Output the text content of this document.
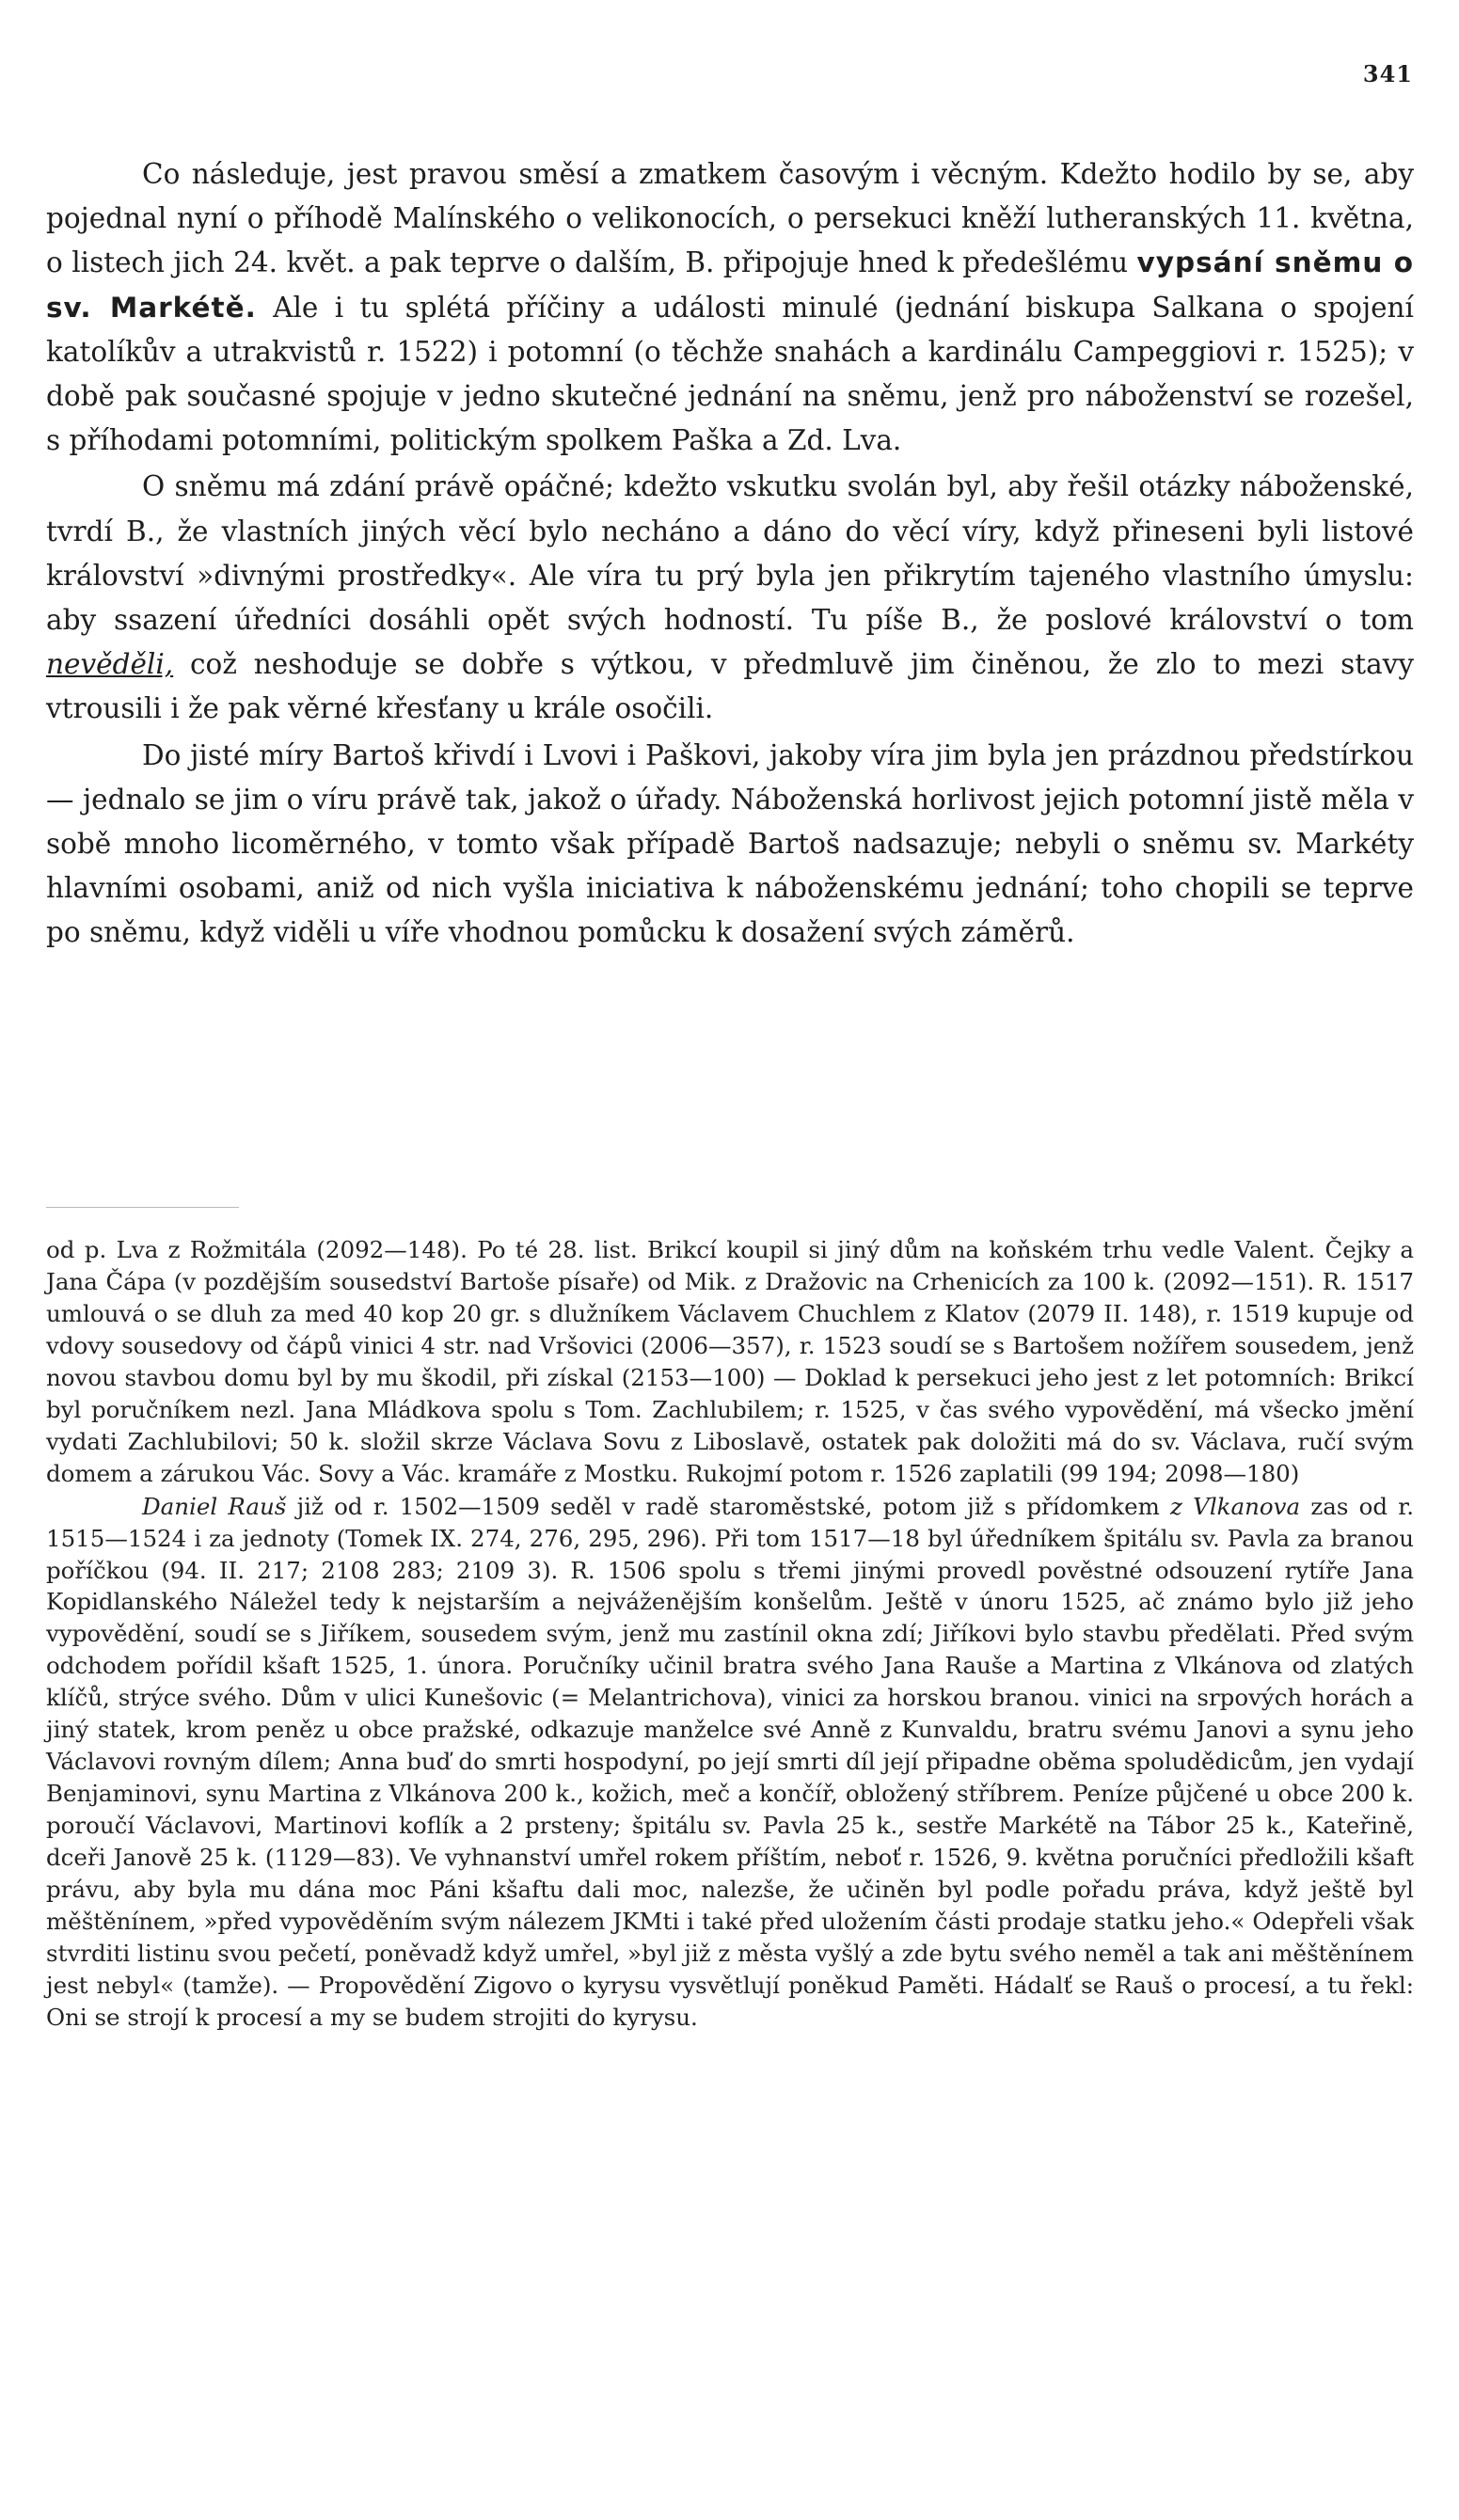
341

Co následuje, jest pravou směsí a zmatkem časovým i věcným. Kdežto hodilo by se, aby pojednal nyní o příhodě Malínského o velikonocích, o persekuci kněží lutheranských 11. května, o listech jich 24. květ. a pak teprve o dalším, B. připojuje hned k předešlému vypsání sněmu o sv. Markétě. Ale i tu splétá příčiny a události minulé (jednání biskupa Salkana o spojení katolíkův a utrakvistů r. 1522) i potomní (o těchže snahách a kardinálu Campeggiovi r. 1525); v době pak současné spojuje v jedno skutečné jednání na sněmu, jenž pro náboženství se rozešel, s příhodami potomními, politickým spolkem Paška a Zd. Lva.

O sněmu má zdání právě opáčné; kdežto vskutku svolán byl, aby řešil otázky náboženské, tvrdí B., že vlastních jiných věcí bylo necháno a dáno do věcí víry, když přineseni byli listové království »divnými prostředky«. Ale víra tu prý byla jen přikrytím tajeného vlastního úmyslu: aby ssazení úředníci dosáhli opět svých hodností. Tu píše B., že poslové království o tom nevěděli, což neshoduje se dobře s výtkou, v předmluvě jim činěnou, že zlo to mezi stavy vtrousili i že pak věrné křesťany u krále osočili.

Do jisté míry Bartoš křivdí i Lvovi i Paškovi, jakoby víra jim byla jen prázdnou předstírkou — jednalo se jim o víru právě tak, jakož o úřady. Náboženská horlivost jejich potomní jistě měla v sobě mnoho licoměrného, v tomto však případě Bartoš nadsazuje; nebyli o sněmu sv. Markéty hlavními osobami, aniž od nich vyšla iniciativa k náboženskému jednání; toho chopili se teprve po sněmu, když viděli u víře vhodnou pomůcku k dosažení svých záměrů.

od p. Lva z Rožmitála (2092—148). Po té 28. list. Brikcí koupil si jiný dům na koňském trhu vedle Valent. Čejky a Jana Čápa (v pozdějším sousedství Bartoše písaře) od Mik. z Dražovic na Crhenicích za 100 k. (2092—151). R. 1517 umlouvá o se dluh za med 40 kop 20 gr. s dlužníkem Václavem Chuchlem z Klatov (2079 II. 148), r. 1519 kupuje od vdovy sousedovy od čápů vinici 4 str. nad Vršovici (2006—357), r. 1523 soudí se s Bartošem nožířem sousedem, jenž novou stavbou domu byl by mu škodil, při získal (2153—100) — Doklad k persekuci jeho jest z let potomních: Brikcí byl poručníkem nezl. Jana Mládkova spolu s Tom. Zachlubilem; r. 1525, v čas svého vypovědění, má všecko jmění vydati Zachlubilovi; 50 k. složil skrze Václava Sovu z Liboslavě, ostatek pak doložiti má do sv. Václava, ručí svým domem a zárukou Vác. Sovy a Vác. kramáře z Mostku. Rukojmí potom r. 1526 zaplatili (99 194; 2098—180)

Daniel Rauš již od r. 1502—1509 seděl v radě staroměstské, potom již s přídomkem z Vlkanova zas od r. 1515—1524 i za jednoty (Tomek IX. 274, 276, 295, 296). Při tom 1517—18 byl úředníkem špitálu sv. Pavla za branou poříčkou (94. II. 217; 2108 283; 2109 3). R. 1506 spolu s třemi jinými provedl pověstné odsouzení rytíře Jana Kopidlanského Náležel tedy k nejstarším a nejváženějším konšelům. Ještě v únoru 1525, ač známo bylo již jeho vypovědění, soudí se s Jiříkem, sousedem svým, jenž mu zastínil okna zdí; Jiříkovi bylo stavbu předělati. Před svým odchodem pořídil kšaft 1525, 1. února. Poručníky učinil bratra svého Jana Rauše a Martina z Vlkánova od zlatých klíčů, strýce svého. Dům v ulici Kunešovic (= Melantrichova), vinici za horskou branou. vinici na srpových horách a jiný statek, krom peněz u obce pražské, odkazuje manželce své Anně z Kunvaldu, bratru svému Janovi a synu jeho Václavovi rovným dílem; Anna buď do smrti hospodyní, po její smrti díl její připadne oběma spoludědicům, jen vydají Benjaminovi, synu Martina z Vlkánova 200 k., kožich, meč a končíř, obložený stříbrem. Peníze půjčené u obce 200 k. poroučí Václavovi, Martinovi koflík a 2 prsteny; špitálu sv. Pavla 25 k., sestře Markétě na Tábor 25 k., Kateřině, dceři Janově 25 k. (1129—83). Ve vyhnanství umřel rokem příštím, neboť r. 1526, 9. května poručníci předložili kšaft právu, aby byla mu dána moc Páni kšaftu dali moc, nalezše, že učiněn byl podle pořadu práva, když ještě byl měštěnínem, »před vypověděním svým nálezem JKMti i také před uložením části prodaje statku jeho.« Odepřeli však stvrditi listinu svou pečetí, poněvadž když umřel, »byl již z města vyšlý a zde bytu svého neměl a tak ani měštěnínem jest nebyl« (tamže). — Propovědění Zigovo o kyrysu vysvětlují poněkud Paměti. Hádalť se Rauš o procesí, a tu řekl: Oni se strojí k procesí a my se budem strojiti do kyrysu.
